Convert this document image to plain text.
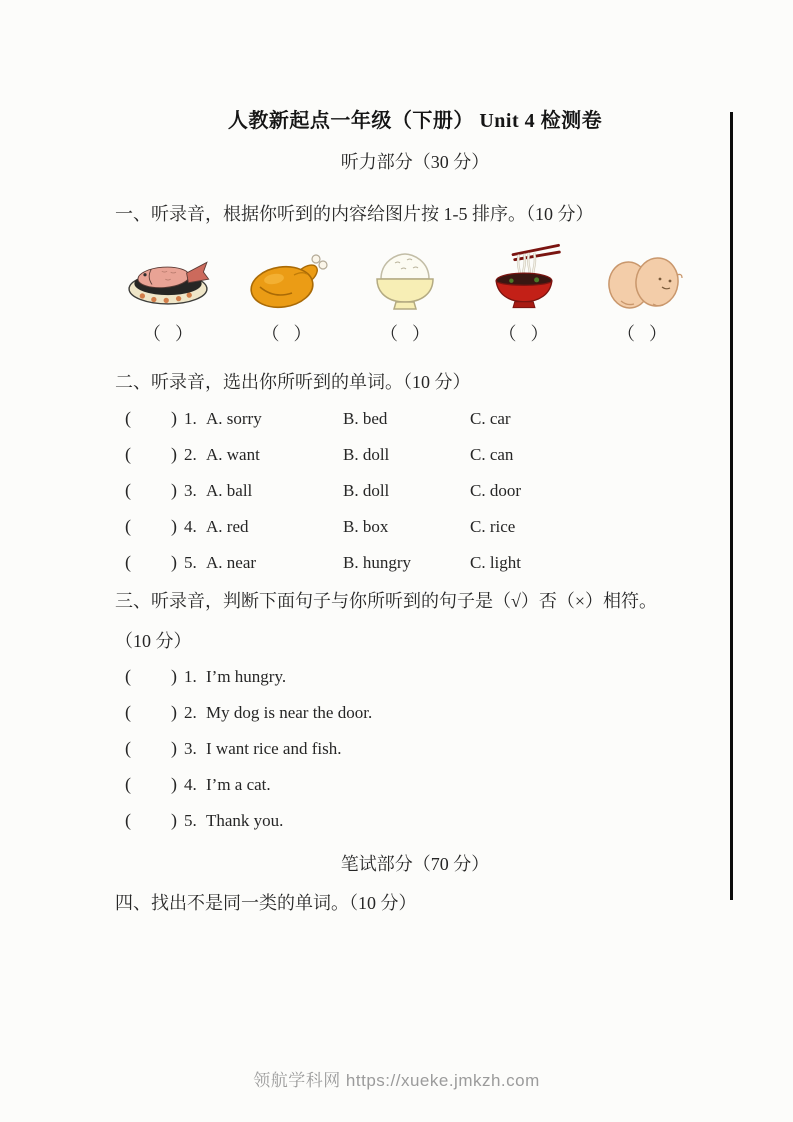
人教新起点一年级（下册） Unit 4 检测卷
听力部分（30 分）
一、听录音，根据你听到的内容给图片按 1-5 排序。（10 分）
（ ）	（ ）	（ ）	（ ）	（ ）
二、听录音，选出你所听到的单词。（10 分）
( ) 1. A. sorry	B. bed	C. car
( ) 2. A. want	B. doll	C. can
( ) 3. A. ball	B. doll	C. door
( ) 4. A. red	B. box	C. rice
( ) 5. A. near	B. hungry	C. light
三、听录音，判断下面句子与你所听到的句子是（√）否（×）相符。
（10 分）
( ) 1. I’m hungry.
( ) 2. My dog is near the door.
( ) 3. I want rice and fish.
( ) 4. I’m a cat.
( ) 5. Thank you.
笔试部分（70 分）
四、找出不是同一类的单词。（10 分）
领航学科网 https://xueke.jmkzh.com
